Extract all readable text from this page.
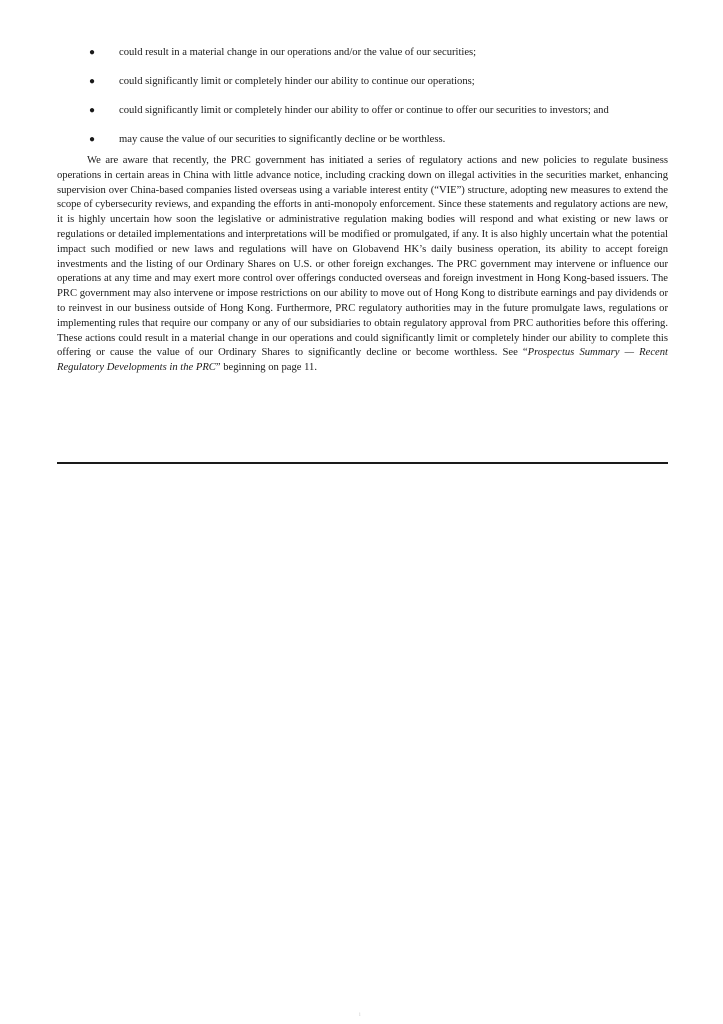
● could result in a material change in our operations and/or the value of our securities;
● could significantly limit or completely hinder our ability to continue our operations;
● could significantly limit or completely hinder our ability to offer or continue to offer our securities to investors; and
● may cause the value of our securities to significantly decline or be worthless.

We are aware that recently, the PRC government has initiated a series of regulatory actions and new policies to regulate business operations in certain areas in China with little advance notice, including cracking down on illegal activities in the securities market, enhancing supervision over China-based companies listed overseas using a variable interest entity (“VIE”) structure, adopting new measures to extend the scope of cybersecurity reviews, and expanding the efforts in anti-monopoly enforcement. Since these statements and regulatory actions are new, it is highly uncertain how soon the legislative or administrative regulation making bodies will respond and what existing or new laws or regulations or detailed implementations and interpretations will be modified or promulgated, if any. It is also highly uncertain what the potential impact such modified or new laws and regulations will have on Globavend HK’s daily business operation, its ability to accept foreign investments and the listing of our Ordinary Shares on U.S. or other foreign exchanges. The PRC government may intervene or influence our operations at any time and may exert more control over offerings conducted overseas and foreign investment in Hong Kong-based issuers. The PRC government may also intervene or impose restrictions on our ability to move out of Hong Kong to distribute earnings and pay dividends or to reinvest in our business outside of Hong Kong. Furthermore, PRC regulatory authorities may in the future promulgate laws, regulations or implementing rules that require our company or any of our subsidiaries to obtain regulatory approval from PRC authorities before this offering. These actions could result in a material change in our operations and could significantly limit or completely hinder our ability to complete this offering or cause the value of our Ordinary Shares to significantly decline or become worthless. See “Prospectus Summary — Recent Regulatory Developments in the PRC” beginning on page 11.

i
